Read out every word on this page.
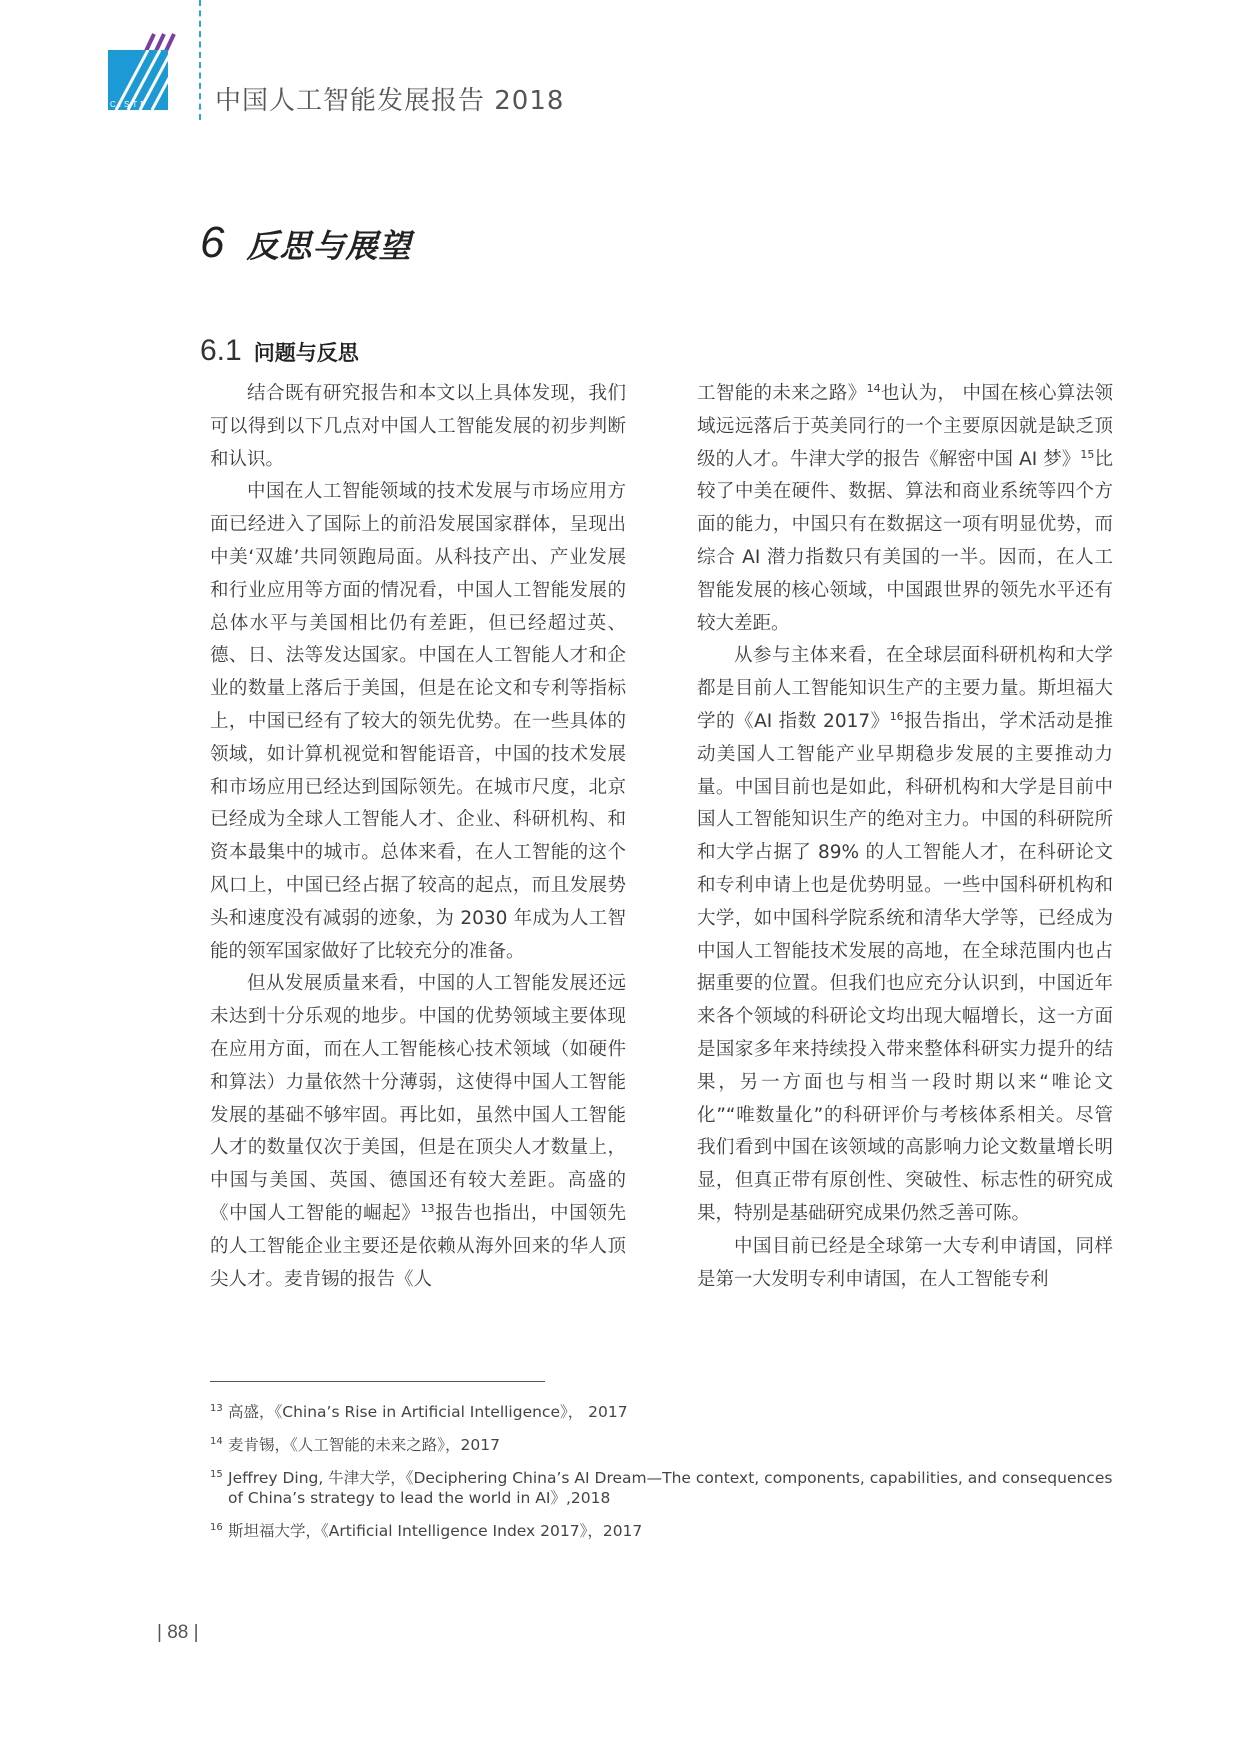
CISTP	中国人工智能发展报告 2018
6 反思与展望
6.1 问题与反思

结合既有研究报告和本文以上具体发现，我们可以得到以下几点对中国人工智能发展的初步判断和认识。

中国在人工智能领域的技术发展与市场应用方面已经进入了国际上的前沿发展国家群体，呈现出中美‘双雄’共同领跑局面。从科技产出、产业发展和行业应用等方面的情况看，中国人工智能发展的总体水平与美国相比仍有差距，但已经超过英、德、日、法等发达国家。中国在人工智能人才和企业的数量上落后于美国，但是在论文和专利等指标上，中国已经有了较大的领先优势。在一些具体的领域，如计算机视觉和智能语音，中国的技术发展和市场应用已经达到国际领先。在城市尺度，北京已经成为全球人工智能人才、企业、科研机构、和资本最集中的城市。总体来看，在人工智能的这个风口上，中国已经占据了较高的起点，而且发展势头和速度没有减弱的迹象，为 2030 年成为人工智能的领军国家做好了比较充分的准备。

但从发展质量来看，中国的人工智能发展还远未达到十分乐观的地步。中国的优势领域主要体现在应用方面，而在人工智能核心技术领域（如硬件和算法）力量依然十分薄弱，这使得中国人工智能发展的基础不够牢固。再比如，虽然中国人工智能人才的数量仅次于美国，但是在顶尖人才数量上，中国与美国、英国、德国还有较大差距。高盛的《中国人工智能的崛起》$^{13}$报告也指出，中国领先的人工智能企业主要还是依赖从海外回来的华人顶尖人才。麦肯锡的报告《人

工智能的未来之路》$^{14}$也认为， 中国在核心算法领域远远落后于英美同行的一个主要原因就是缺乏顶级的人才。牛津大学的报告《解密中国 AI 梦》$^{15}$比较了中美在硬件、数据、算法和商业系统等四个方面的能力，中国只有在数据这一项有明显优势，而综合 AI 潜力指数只有美国的一半。因而，在人工智能发展的核心领域，中国跟世界的领先水平还有较大差距。

从参与主体来看，在全球层面科研机构和大学都是目前人工智能知识生产的主要力量。斯坦福大学的《AI 指数 2017》$^{16}$报告指出，学术活动是推动美国人工智能产业早期稳步发展的主要推动力量。中国目前也是如此，科研机构和大学是目前中国人工智能知识生产的绝对主力。中国的科研院所和大学占据了 89% 的人工智能人才，在科研论文和专利申请上也是优势明显。一些中国科研机构和大学，如中国科学院系统和清华大学等，已经成为中国人工智能技术发展的高地，在全球范围内也占据重要的位置。但我们也应充分认识到，中国近年来各个领域的科研论文均出现大幅增长，这一方面是国家多年来持续投入带来整体科研实力提升的结果，另一方面也与相当一段时期以来“唯论文化”“唯数量化”的科研评价与考核体系相关。尽管我们看到中国在该领域的高影响力论文数量增长明显，但真正带有原创性、突破性、标志性的研究成果，特别是基础研究成果仍然乏善可陈。

中国目前已经是全球第一大专利申请国，同样是第一大发明专利申请国，在人工智能专利

13 高盛，《China’s Rise in Artificial Intelligence》， 2017
14 麦肯锡，《人工智能的未来之路》，2017
15 Jeffrey Ding, 牛津大学，《Deciphering China’s AI Dream—The context, components, capabilities, and consequences of China’s strategy to lead the world in AI》,2018
16 斯坦福大学，《Artificial Intelligence Index 2017》，2017
| 88 |
